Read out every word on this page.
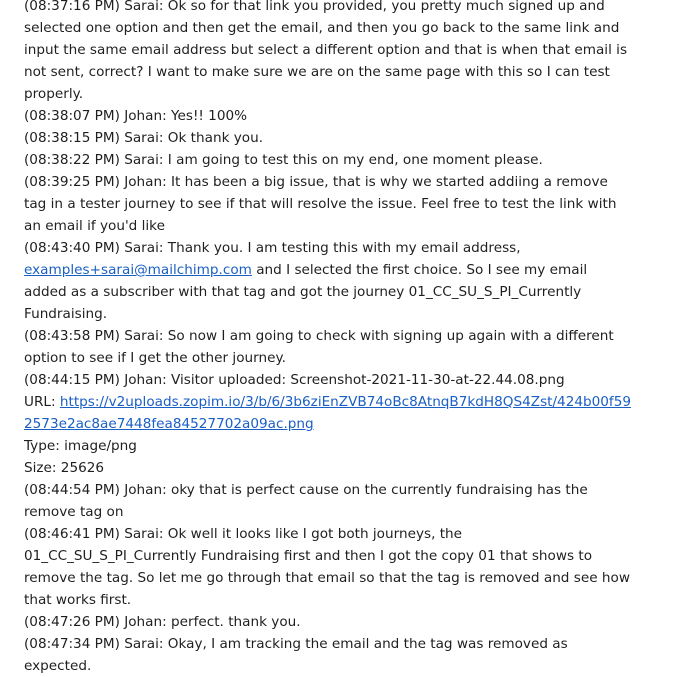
(08:37:16 PM) Sarai: Ok so for that link you provided, you pretty much signed up and selected one option and then get the email, and then you go back to the same link and input the same email address but select a different option and that is when that email is not sent, correct? I want to make sure we are on the same page with this so I can test properly.

(08:38:07 PM) Johan: Yes!! 100%

(08:38:15 PM) Sarai: Ok thank you.

(08:38:22 PM) Sarai: I am going to test this on my end, one moment please.

(08:39:25 PM) Johan: It has been a big issue, that is why we started addiing a remove tag in a tester journey to see if that will resolve the issue. Feel free to test the link with an email if you'd like

(08:43:40 PM) Sarai: Thank you. I am testing this with my email address, examples+sarai@mailchimp.com and I selected the first choice. So I see my email added as a subscriber with that tag and got the journey 01_CC_SU_S_PI_Currently Fundraising.

(08:43:58 PM) Sarai: So now I am going to check with signing up again with a different option to see if I get the other journey.

(08:44:15 PM) Johan: Visitor uploaded: Screenshot-2021-11-30-at-22.44.08.png

URL: https://v2uploads.zopim.io/3/b/6/3b6ziEnZVB74oBc8AtnqB7kdH8QS4Zst/424b00f592573e2ac8ae7448fea84527702a09ac.png

Type: image/png

Size: 25626

(08:44:54 PM) Johan: oky that is perfect cause on the currently fundraising has the remove tag on

(08:46:41 PM) Sarai: Ok well it looks like I got both journeys, the 01_CC_SU_S_PI_Currently Fundraising first and then I got the copy 01 that shows to remove the tag. So let me go through that email so that the tag is removed and see how that works first.

(08:47:26 PM) Johan: perfect. thank you.

(08:47:34 PM) Sarai: Okay, I am tracking the email and the tag was removed as expected.
